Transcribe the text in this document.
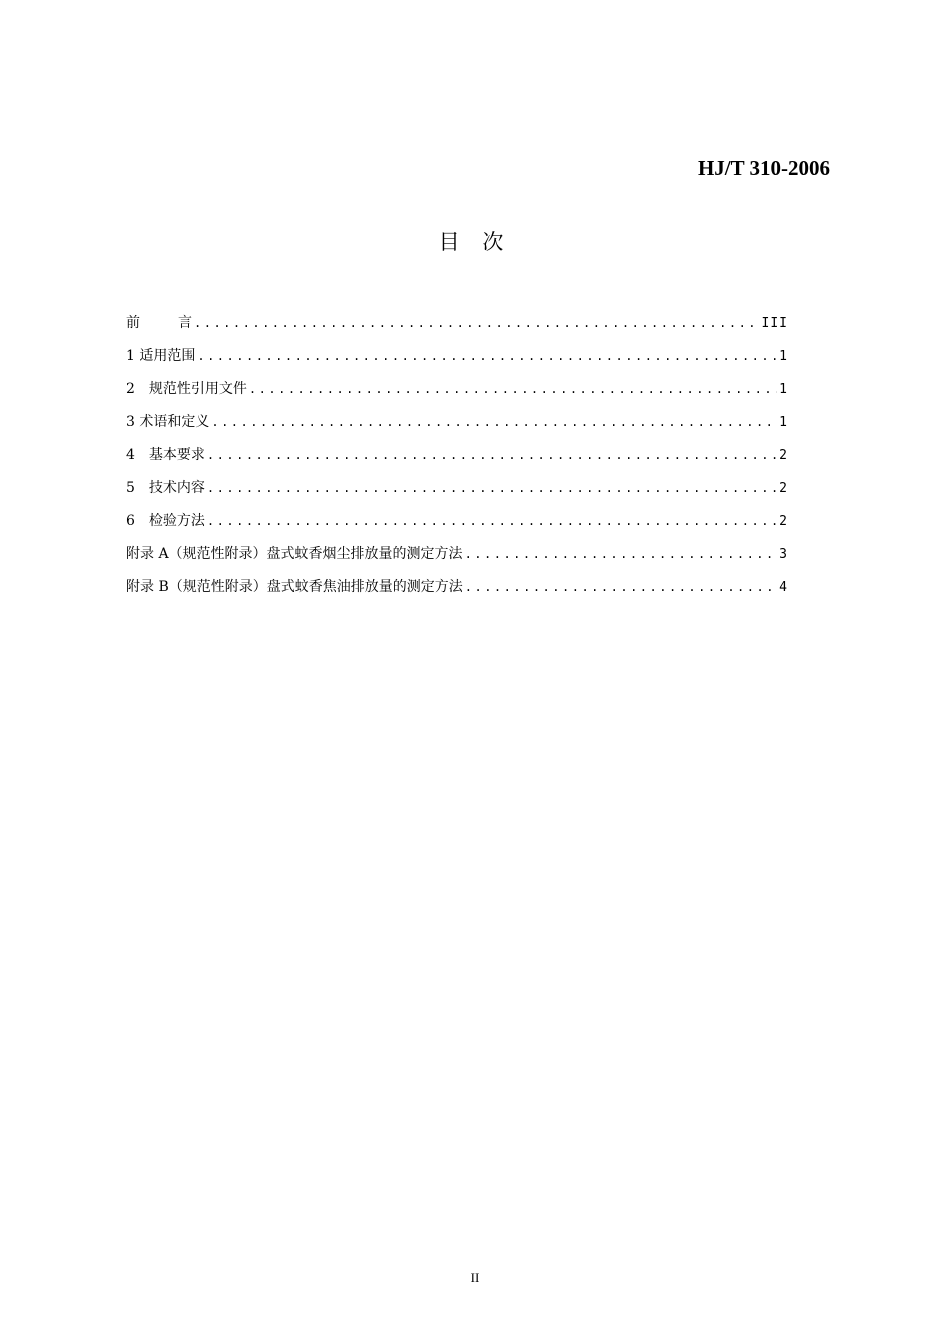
HJ/T 310-2006
目 次
前	言 .....	III
1 适用范围 .....	1
2　规范性引用文件 .....	1
3 术语和定义 .....	1
4　基本要求 .....	2
5　技术内容 .....	2
6　检验方法 .....	2
附录 A（规范性附录）盘式蚊香烟尘排放量的测定方法 .....	3
附录 B（规范性附录）盘式蚊香焦油排放量的测定方法 .....	4
II
